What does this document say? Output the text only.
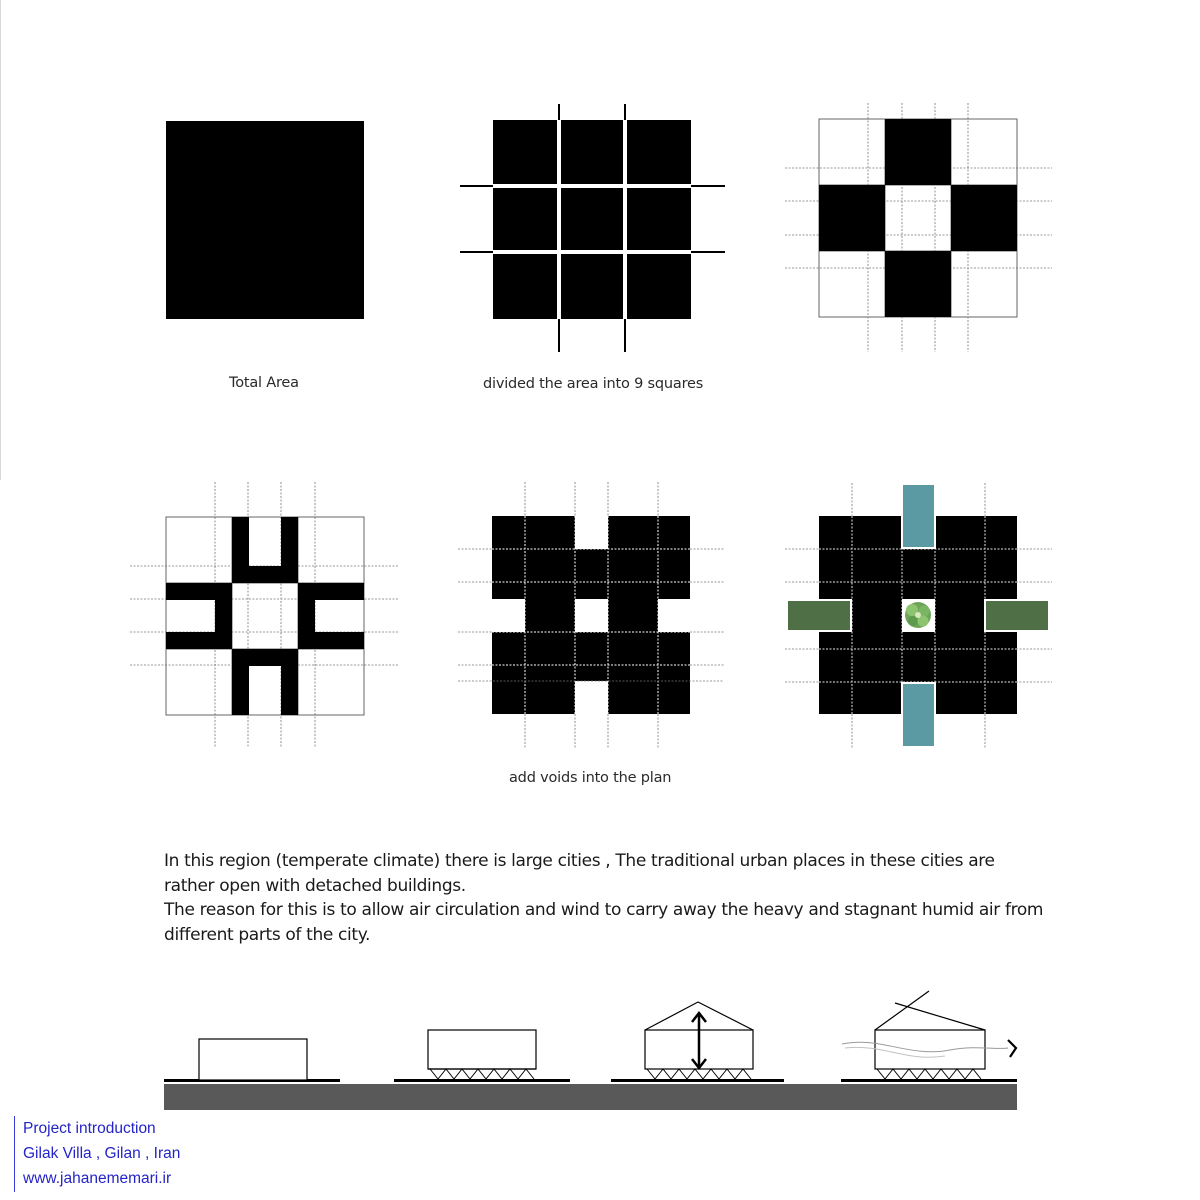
Total Area	divided the area into 9 squares
add voids into the plan

In this region (temperate climate) there is large cities , The traditional urban places in these cities are rather open with detached buildings.

The reason for this is to allow air circulation and wind to carry away the heavy and stagnant humid air from different parts of the city.

Project introduction
Gilak Villa , Gilan , Iran
www.jahanememari.ir
